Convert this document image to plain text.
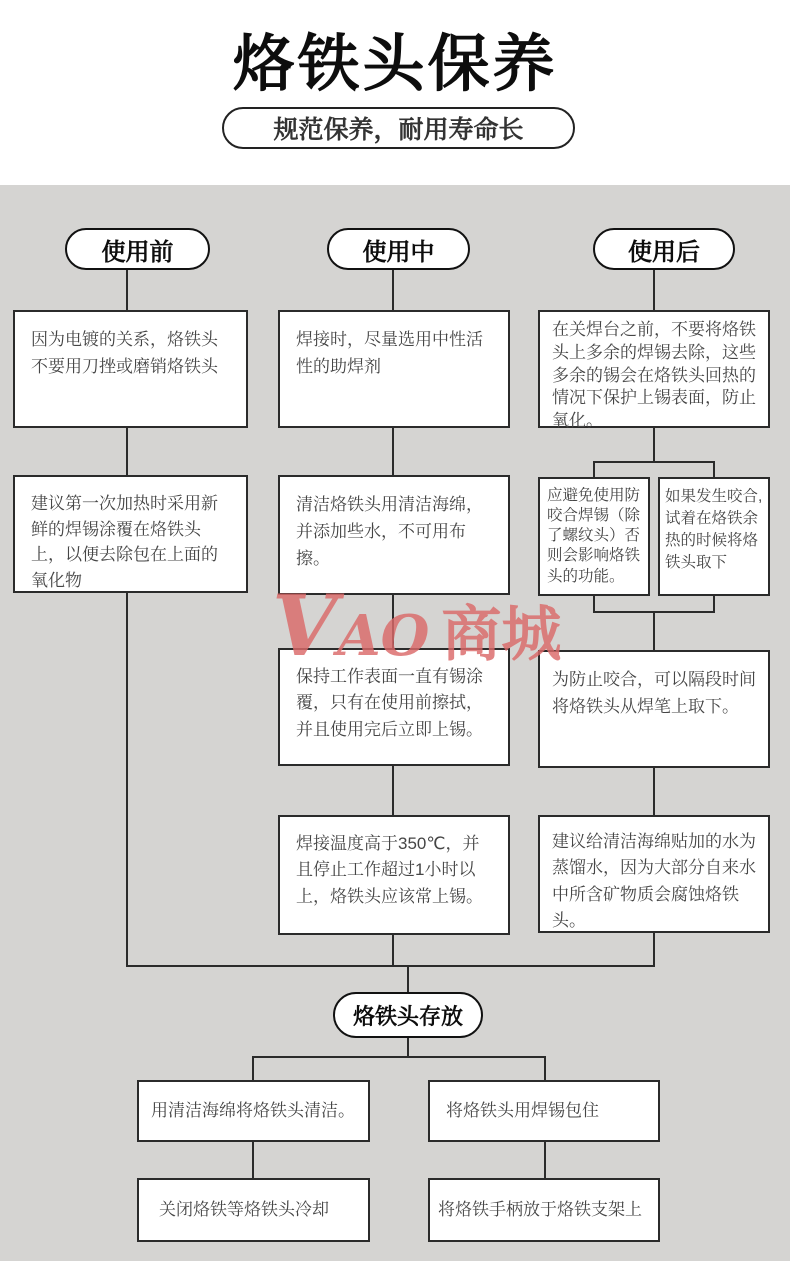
烙铁头保养
规范保养，耐用寿命长
使用前	使用中	使用后
因为电镀的关系，烙铁头不要用刀挫或磨销烙铁头
建议第一次加热时采用新鲜的焊锡涂覆在烙铁头上，以便去除包在上面的氧化物
焊接时，尽量选用中性活性的助焊剂
清洁烙铁头用清洁海绵，并添加些水，不可用布擦。
保持工作表面一直有锡涂覆，只有在使用前擦拭，并且使用完后立即上锡。
焊接温度高于350℃，并且停止工作超过1小时以上，烙铁头应该常上锡。
在关焊台之前，不要将烙铁头上多余的焊锡去除，这些多余的锡会在烙铁头回热的情况下保护上锡表面，防止氧化。
应避免使用防咬合焊锡（除了螺纹头）否则会影响烙铁头的功能。
如果发生咬合,试着在烙铁余热的时候将烙铁头取下
为防止咬合，可以隔段时间将烙铁头从焊笔上取下。
建议给清洁海绵贴加的水为蒸馏水，因为大部分自来水中所含矿物质会腐蚀烙铁头。
烙铁头存放
用清洁海绵将烙铁头清洁。	将烙铁头用焊锡包住
关闭烙铁等烙铁头冷却	将烙铁手柄放于烙铁支架上
V AO 商城
